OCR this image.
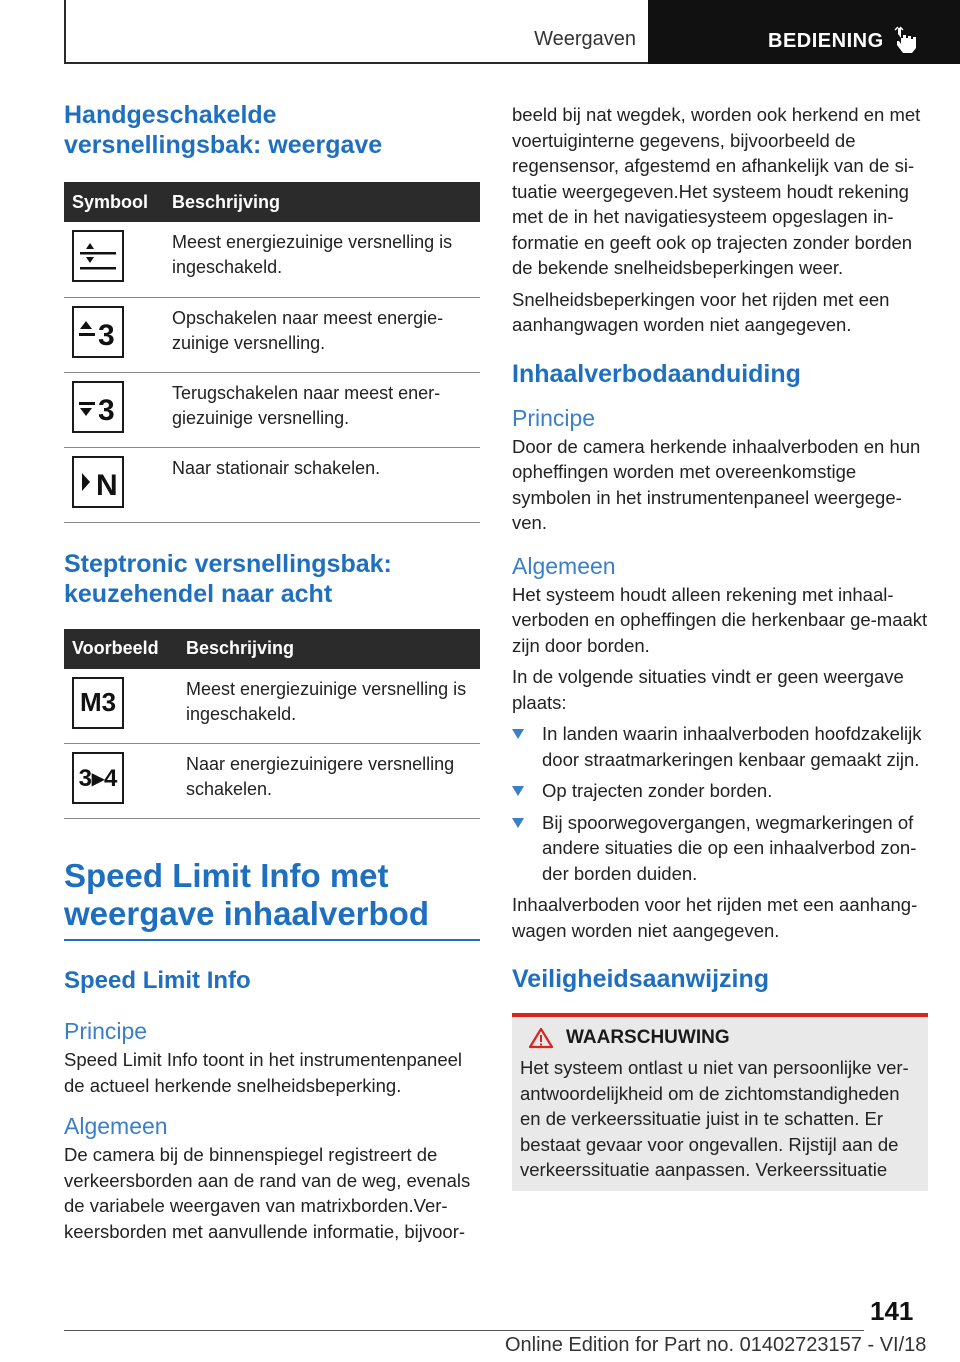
Weergaven	BEDIENING
Handgeschakelde versnellingsbak: weergave
Symbool	Beschrijving

	Meest energiezuinige versnelling is ingeschakeld.

3	Opschakelen naar meest energie-zuinige versnelling.

3	Terugschakelen naar meest ener-giezuinige versnelling.

N	Naar stationair schakelen.
Steptronic versnellingsbak: keuzehendel naar acht
Voorbeeld	Beschrijving

M3	Meest energiezuinige versnelling is ingeschakeld.

3▸4	Naar energiezuinigere versnelling schakelen.
Speed Limit Info met weergave inhaalverbod
Speed Limit Info
Principe

Speed Limit Info toont in het instrumentenpaneel de actueel herkende snelheidsbeperking.

Algemeen

De camera bij de binnenspiegel registreert de verkeersborden aan de rand van de weg, evenals de variabele weergaven van matrixborden.Ver-keersborden met aanvullende informatie, bijvoor-

beeld bij nat wegdek, worden ook herkend en met voertuiginterne gegevens, bijvoorbeeld de regensensor, afgestemd en afhankelijk van de si-tuatie weergegeven.Het systeem houdt rekening met de in het navigatiesysteem opgeslagen in-formatie en geeft ook op trajecten zonder borden de bekende snelheidsbeperkingen weer.

Snelheidsbeperkingen voor het rijden met een aanhangwagen worden niet aangegeven.

Inhaalverbodaanduiding
Principe

Door de camera herkende inhaalverboden en hun opheffingen worden met overeenkomstige symbolen in het instrumentenpaneel weergege-ven.

Algemeen

Het systeem houdt alleen rekening met inhaal-verboden en opheffingen die herkenbaar ge-maakt zijn door borden.

In de volgende situaties vindt er geen weergave plaats:

In landen waarin inhaalverboden hoofdzakelijk door straatmarkeringen kenbaar gemaakt zijn.
Op trajecten zonder borden.
Bij spoorwegovergangen, wegmarkeringen of andere situaties die op een inhaalverbod zon-der borden duiden.

Inhaalverboden voor het rijden met een aanhang-wagen worden niet aangegeven.

Veiligheidsaanwijzing
WAARSCHUWING

Het systeem ontlast u niet van persoonlijke ver-antwoordelijkheid om de zichtomstandigheden en de verkeerssituatie juist in te schatten. Er bestaat gevaar voor ongevallen. Rijstijl aan de verkeerssituatie aanpassen. Verkeerssituatie

141
Online Edition for Part no. 01402723157 - VI/18
